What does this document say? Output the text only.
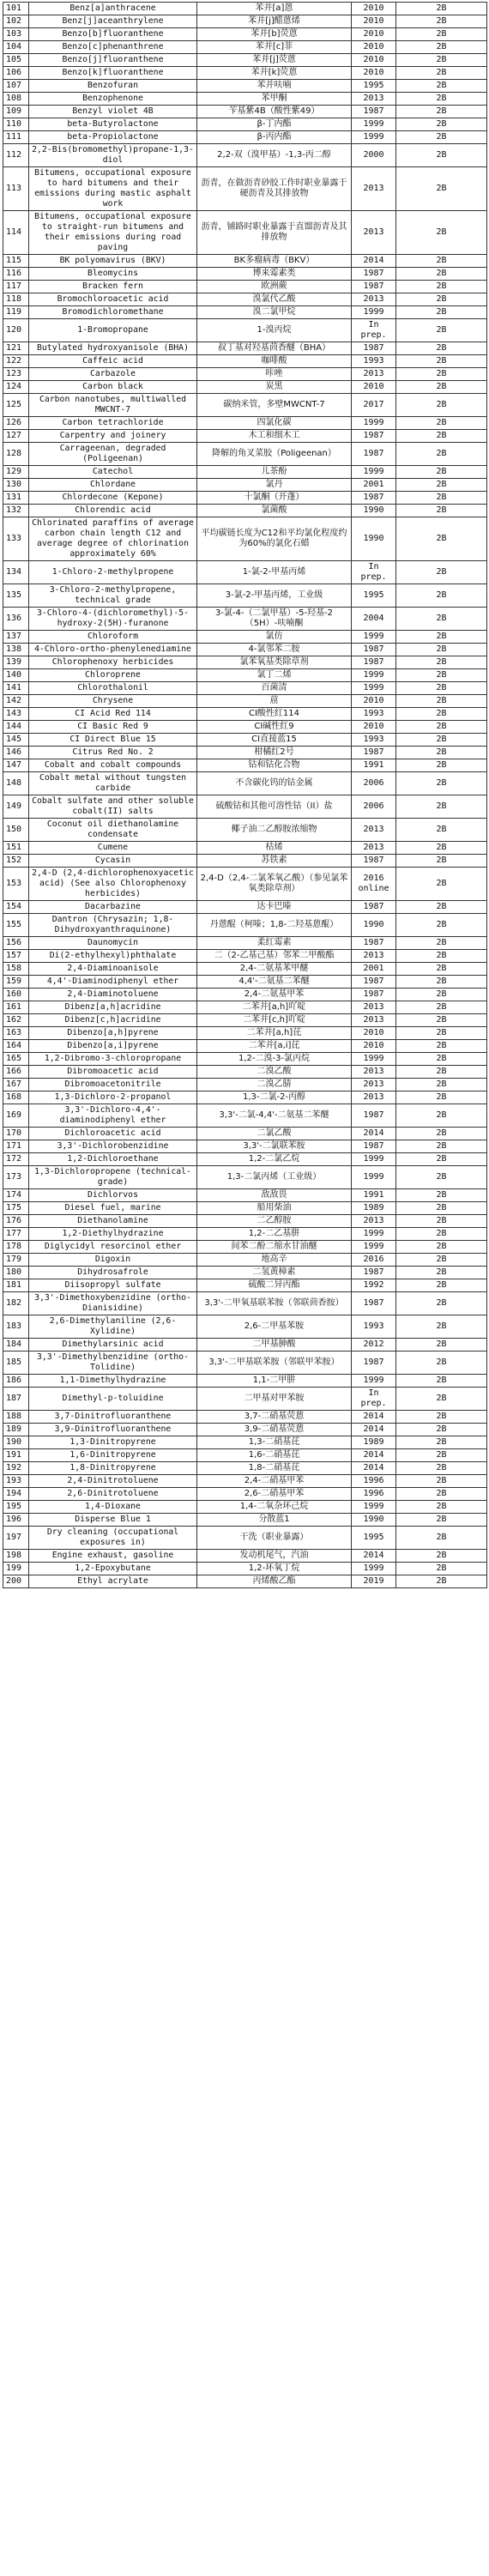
101	Benz[a]anthracene	苯并[a]蒽	2010	2B
102	Benz[j]aceanthrylene	苯并[j]醋蒽烯	2010	2B
103	Benzo[b]fluoranthene	苯并[b]荧蒽	2010	2B
104	Benzo[c]phenanthrene	苯并[c]菲	2010	2B
105	Benzo[j]fluoranthene	苯并[j]荧蒽	2010	2B
106	Benzo[k]fluoranthene	苯并[k]荧蒽	2010	2B
107	Benzofuran	苯并呋喃	1995	2B
108	Benzophenone	苯甲酮	2013	2B
109	Benzyl violet 4B	苄基紫4B（酸性紫49）	1987	2B
110	beta-Butyrolactone	β-丁内酯	1999	2B
111	beta-Propiolactone	β-丙内酯	1999	2B
112	2,2-Bis(bromomethyl)propane-1,3-diol	2,2-双（溴甲基）-1,3-丙二醇	2000	2B
113	Bitumens, occupational exposure to hard bitumens and their emissions during mastic asphalt work	沥青，在做沥青砂胶工作时职业暴露于硬沥青及其排放物	2013	2B
114	Bitumens, occupational exposure to straight-run bitumens and their emissions during road paving	沥青，铺路时职业暴露于直馏沥青及其排放物	2013	2B
115	BK polyomavirus (BKV)	BK多瘤病毒（BKV）	2014	2B
116	Bleomycins	博来霉素类	1987	2B
117	Bracken fern	欧洲蕨	1987	2B
118	Bromochloroacetic acid	溴氯代乙酸	2013	2B
119	Bromodichloromethane	溴二氯甲烷	1999	2B
120	1-Bromopropane	1-溴丙烷	In prep.	2B
121	Butylated hydroxyanisole (BHA)	叔丁基对羟基茴香醚（BHA）	1987	2B
122	Caffeic acid	咖啡酸	1993	2B
123	Carbazole	咔唑	2013	2B
124	Carbon black	炭黑	2010	2B
125	Carbon nanotubes, multiwalled MWCNT-7	碳纳米管，多壁MWCNT-7	2017	2B
126	Carbon tetrachloride	四氯化碳	1999	2B
127	Carpentry and joinery	木工和细木工	1987	2B
128	Carrageenan, degraded (Poligeenan)	降解的角叉菜胶（Poligeenan）	1987	2B
129	Catechol	儿茶酚	1999	2B
130	Chlordane	氯丹	2001	2B
131	Chlordecone (Kepone)	十氯酮（开蓬）	1987	2B
132	Chlorendic acid	氯菌酸	1990	2B
133	Chlorinated paraffins of average carbon chain length C12 and average degree of chlorination approximately 60%	平均碳链长度为C12和平均氯化程度约为60%的氯化石蜡	1990	2B
134	1-Chloro-2-methylpropene	1-氯-2-甲基丙烯	In prep.	2B
135	3-Chloro-2-methylpropene, technical grade	3-氯-2-甲基丙烯，工业级	1995	2B
136	3-Chloro-4-(dichloromethyl)-5-hydroxy-2(5H)-furanone	3-氯-4-（二氯甲基）-5-羟基-2（5H）-呋喃酮	2004	2B
137	Chloroform	氯仿	1999	2B
138	4-Chloro-ortho-phenylenediamine	4-氯邻苯二胺	1987	2B
139	Chlorophenoxy herbicides	氯苯氧基类除草剂	1987	2B
140	Chloroprene	氯丁二烯	1999	2B
141	Chlorothalonil	百菌清	1999	2B
142	Chrysene	䓛	2010	2B
143	CI Acid Red 114	CI酸性红114	1993	2B
144	CI Basic Red 9	CI碱性红9	2010	2B
145	CI Direct Blue 15	CI直接蓝15	1993	2B
146	Citrus Red No. 2	柑橘红2号	1987	2B
147	Cobalt and cobalt compounds	钴和钴化合物	1991	2B
148	Cobalt metal without tungsten carbide	不含碳化钨的钴金属	2006	2B
149	Cobalt sulfate and other soluble cobalt(II) salts	硫酸钴和其他可溶性钴（II）盐	2006	2B
150	Coconut oil diethanolamine condensate	椰子油二乙醇胺浓缩物	2013	2B
151	Cumene	枯烯	2013	2B
152	Cycasin	苏铁素	1987	2B
153	2,4-D (2,4-dichlorophenoxyacetic acid) (See also Chlorophenoxy herbicides)	2,4-D（2,4-二氯苯氧乙酸）（参见氯苯氧类除草剂）	2016 online	2B
154	Dacarbazine	达卡巴嗪	1987	2B
155	Dantron (Chrysazin; 1,8-Dihydroxyanthraquinone)	丹蒽醌（柯嗪；1,8-二羟基蒽醌）	1990	2B
156	Daunomycin	柔红霉素	1987	2B
157	Di(2-ethylhexyl)phthalate	二（2-乙基己基）邻苯二甲酸酯	2013	2B
158	2,4-Diaminoanisole	2,4-二氨基苯甲醚	2001	2B
159	4,4'-Diaminodiphenyl ether	4,4'-二氨基二苯醚	1987	2B
160	2,4-Diaminotoluene	2,4-二氨基甲苯	1987	2B
161	Dibenz[a,h]acridine	二苯并[a,h]吖啶	2013	2B
162	Dibenz[c,h]acridine	二苯并[c,h]吖啶	2013	2B
163	Dibenzo[a,h]pyrene	二苯并[a,h]芘	2010	2B
164	Dibenzo[a,i]pyrene	二苯并[a,i]芘	2010	2B
165	1,2-Dibromo-3-chloropropane	1,2-二溴-3-氯丙烷	1999	2B
166	Dibromoacetic acid	二溴乙酸	2013	2B
167	Dibromoacetonitrile	二溴乙腈	2013	2B
168	1,3-Dichloro-2-propanol	1,3-二氯-2-丙醇	2013	2B
169	3,3'-Dichloro-4,4'-diaminodiphenyl ether	3,3'-二氯-4,4'-二氨基二苯醚	1987	2B
170	Dichloroacetic acid	二氯乙酸	2014	2B
171	3,3'-Dichlorobenzidine	3,3'-二氯联苯胺	1987	2B
172	1,2-Dichloroethane	1,2-二氯乙烷	1999	2B
173	1,3-Dichloropropene (technical-grade)	1,3-二氯丙烯（工业级）	1999	2B
174	Dichlorvos	敌敌畏	1991	2B
175	Diesel fuel, marine	船用柴油	1989	2B
176	Diethanolamine	二乙醇胺	2013	2B
177	1,2-Diethylhydrazine	1,2-二乙基肼	1999	2B
178	Diglycidyl resorcinol ether	间苯二酚二缩水甘油醚	1999	2B
179	Digoxin	地高辛	2016	2B
180	Dihydrosafrole	二氢黄樟素	1987	2B
181	Diisopropyl sulfate	硫酸二异丙酯	1992	2B
182	3,3'-Dimethoxybenzidine (ortho-Dianisidine)	3,3'-二甲氧基联苯胺（邻联茴香胺）	1987	2B
183	2,6-Dimethylaniline (2,6-Xylidine)	2,6-二甲基苯胺	1993	2B
184	Dimethylarsinic acid	二甲基胂酸	2012	2B
185	3,3'-Dimethylbenzidine (ortho-Tolidine)	3,3'-二甲基联苯胺（邻联甲苯胺）	1987	2B
186	1,1-Dimethylhydrazine	1,1-二甲肼	1999	2B
187	Dimethyl-p-toluidine	二甲基对甲苯胺	In prep.	2B
188	3,7-Dinitrofluoranthene	3,7-二硝基荧蒽	2014	2B
189	3,9-Dinitrofluoranthene	3,9-二硝基荧蒽	2014	2B
190	1,3-Dinitropyrene	1,3-二硝基芘	1989	2B
191	1,6-Dinitropyrene	1,6-二硝基芘	2014	2B
192	1,8-Dinitropyrene	1,8-二硝基芘	2014	2B
193	2,4-Dinitrotoluene	2,4-二硝基甲苯	1996	2B
194	2,6-Dinitrotoluene	2,6-二硝基甲苯	1996	2B
195	1,4-Dioxane	1,4-二氧杂环己烷	1999	2B
196	Disperse Blue 1	分散蓝1	1990	2B
197	Dry cleaning (occupational exposures in)	干洗（职业暴露）	1995	2B
198	Engine exhaust, gasoline	发动机尾气，汽油	2014	2B
199	1,2-Epoxybutane	1,2-环氧丁烷	1999	2B
200	Ethyl acrylate	丙烯酸乙酯	2019	2B
